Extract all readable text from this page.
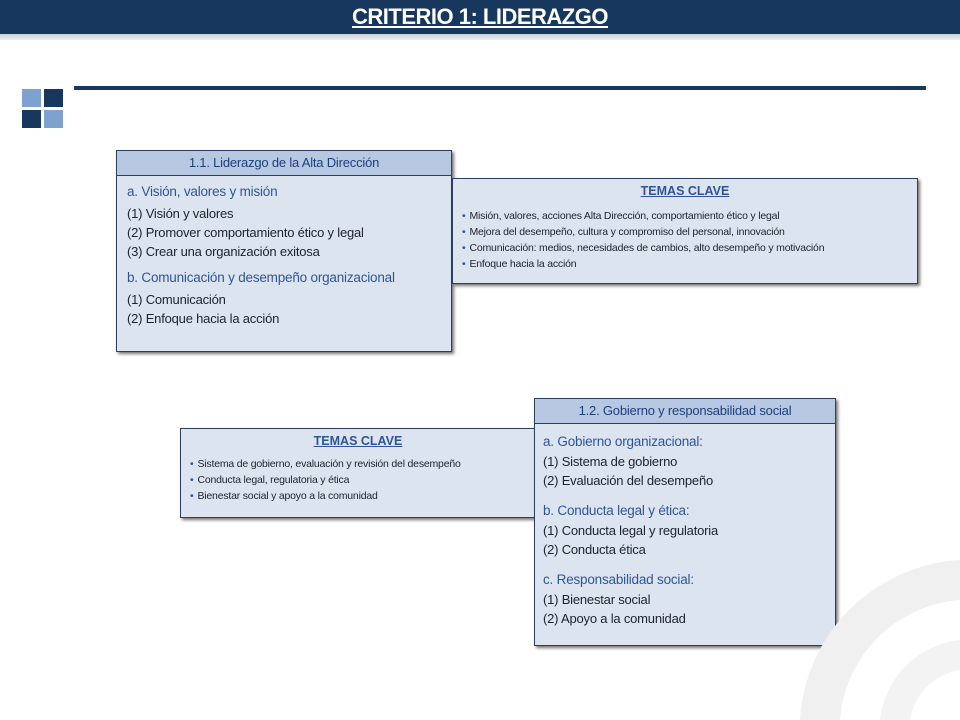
CRITERIO 1: LIDERAZGO
1.1. Liderazgo de la Alta Dirección
a. Visión, valores y misión
(1) Visión y valores
(2) Promover comportamiento ético y legal
(3) Crear una organización exitosa
b. Comunicación y desempeño organizacional
(1) Comunicación
(2) Enfoque hacia la acción
TEMAS CLAVE
• Misión, valores, acciones Alta Dirección, comportamiento ético y legal
• Mejora del desempeño, cultura y compromiso del personal, innovación
• Comunicación: medios, necesidades de cambios, alto desempeño y motivación
• Enfoque hacia la acción
TEMAS CLAVE
• Sistema de gobierno, evaluación y revisión del desempeño
• Conducta legal, regulatoria y ética
• Bienestar social y apoyo a la comunidad
1.2. Gobierno y responsabilidad social
a. Gobierno organizacional:
(1) Sistema de gobierno
(2) Evaluación del desempeño
b. Conducta legal y ética:
(1) Conducta legal y regulatoria
(2) Conducta ética
c. Responsabilidad social:
(1) Bienestar social
(2) Apoyo a la comunidad
